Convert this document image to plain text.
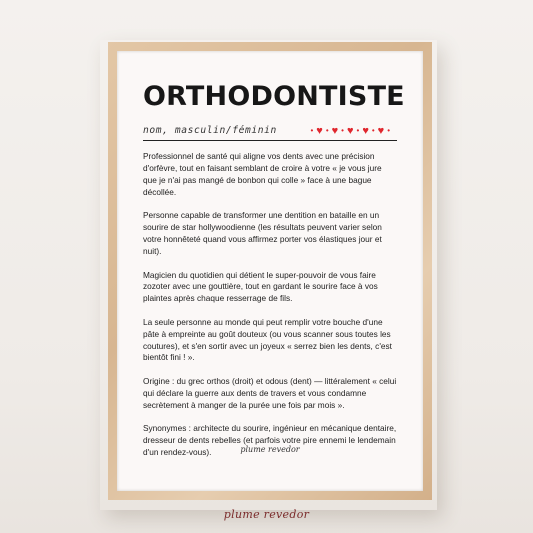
ORTHODONTISTE
nom, masculin/féminin	• ♥ • ♥ • ♥ • ♥ • ♥ •

Professionnel de santé qui aligne vos dents avec une précision d'orfèvre, tout en faisant semblant de croire à votre « je vous jure que je n'ai pas mangé de bonbon qui colle » face à une bague décollée.

Personne capable de transformer une dentition en bataille en un sourire de star hollywoodienne (les résultats peuvent varier selon votre honnêteté quand vous affirmez porter vos élastiques jour et nuit).

Magicien du quotidien qui détient le super-pouvoir de vous faire zozoter avec une gouttière, tout en gardant le sourire face à vos plaintes après chaque resserrage de fils.

La seule personne au monde qui peut remplir votre bouche d'une pâte à empreinte au goût douteux (ou vous scanner sous toutes les coutures), et s'en sortir avec un joyeux « serrez bien les dents, c'est bientôt fini ! ».

Origine : du grec orthos (droit) et odous (dent) — littéralement « celui qui déclare la guerre aux dents de travers et vous condamne secrètement à manger de la purée une fois par mois ».

Synonymes : architecte du sourire, ingénieur en mécanique dentaire, dresseur de dents rebelles (et parfois votre pire ennemi le lendemain d'un rendez-vous).	plume revedor
plume revedor
